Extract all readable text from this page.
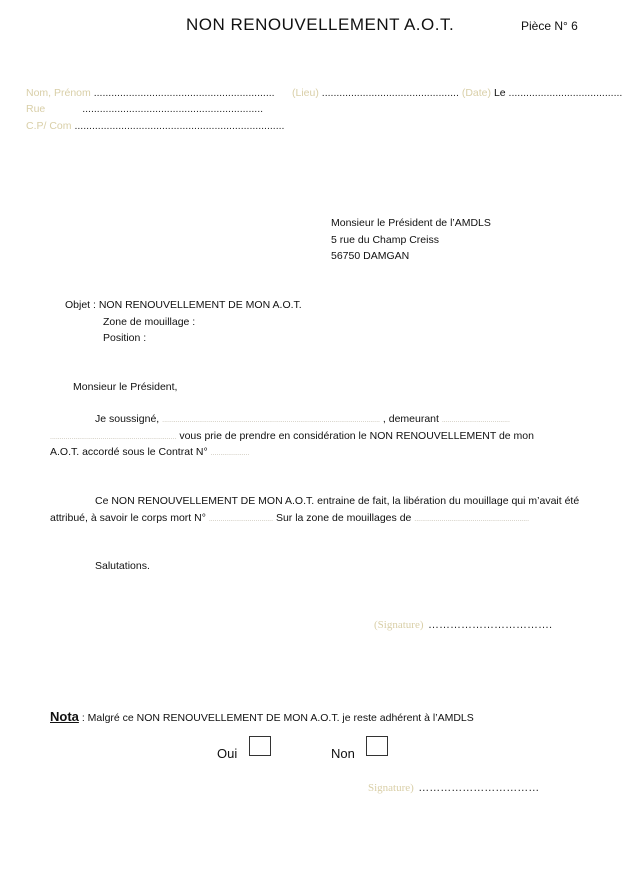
NON RENOUVELLEMENT A.O.T.	Pièce N° 6
Nom, Prénom ..............................................................
Rue	..............................................................
C.P/ Com ........................................................................
(Lieu) ............................................... (Date) Le .......................................
Monsieur le Président de l’AMDLS
5 rue du Champ Creiss
56750 DAMGAN
Objet : NON RENOUVELLEMENT DE MON A.O.T.
Zone de mouillage :
Position :
Monsieur le Président,
Je soussigné, ................................................................................................................ , demeurant ...................................
................................................................. vous prie de prendre en considération le NON RENOUVELLEMENT de mon
A.O.T. accordé sous le Contrat N° ....................
Ce NON RENOUVELLEMENT DE MON A.O.T. entraine de fait, la libération du mouillage qui m’avait été
attribué, à savoir le corps mort N° ................................. Sur la zone de mouillages de ...........................................................
Salutations.
(Signature) …………………………….
Nota : Malgré ce NON RENOUVELLEMENT DE MON A.O.T. je reste adhérent à l’AMDLS
Oui	Non
Signature) ……………………………
